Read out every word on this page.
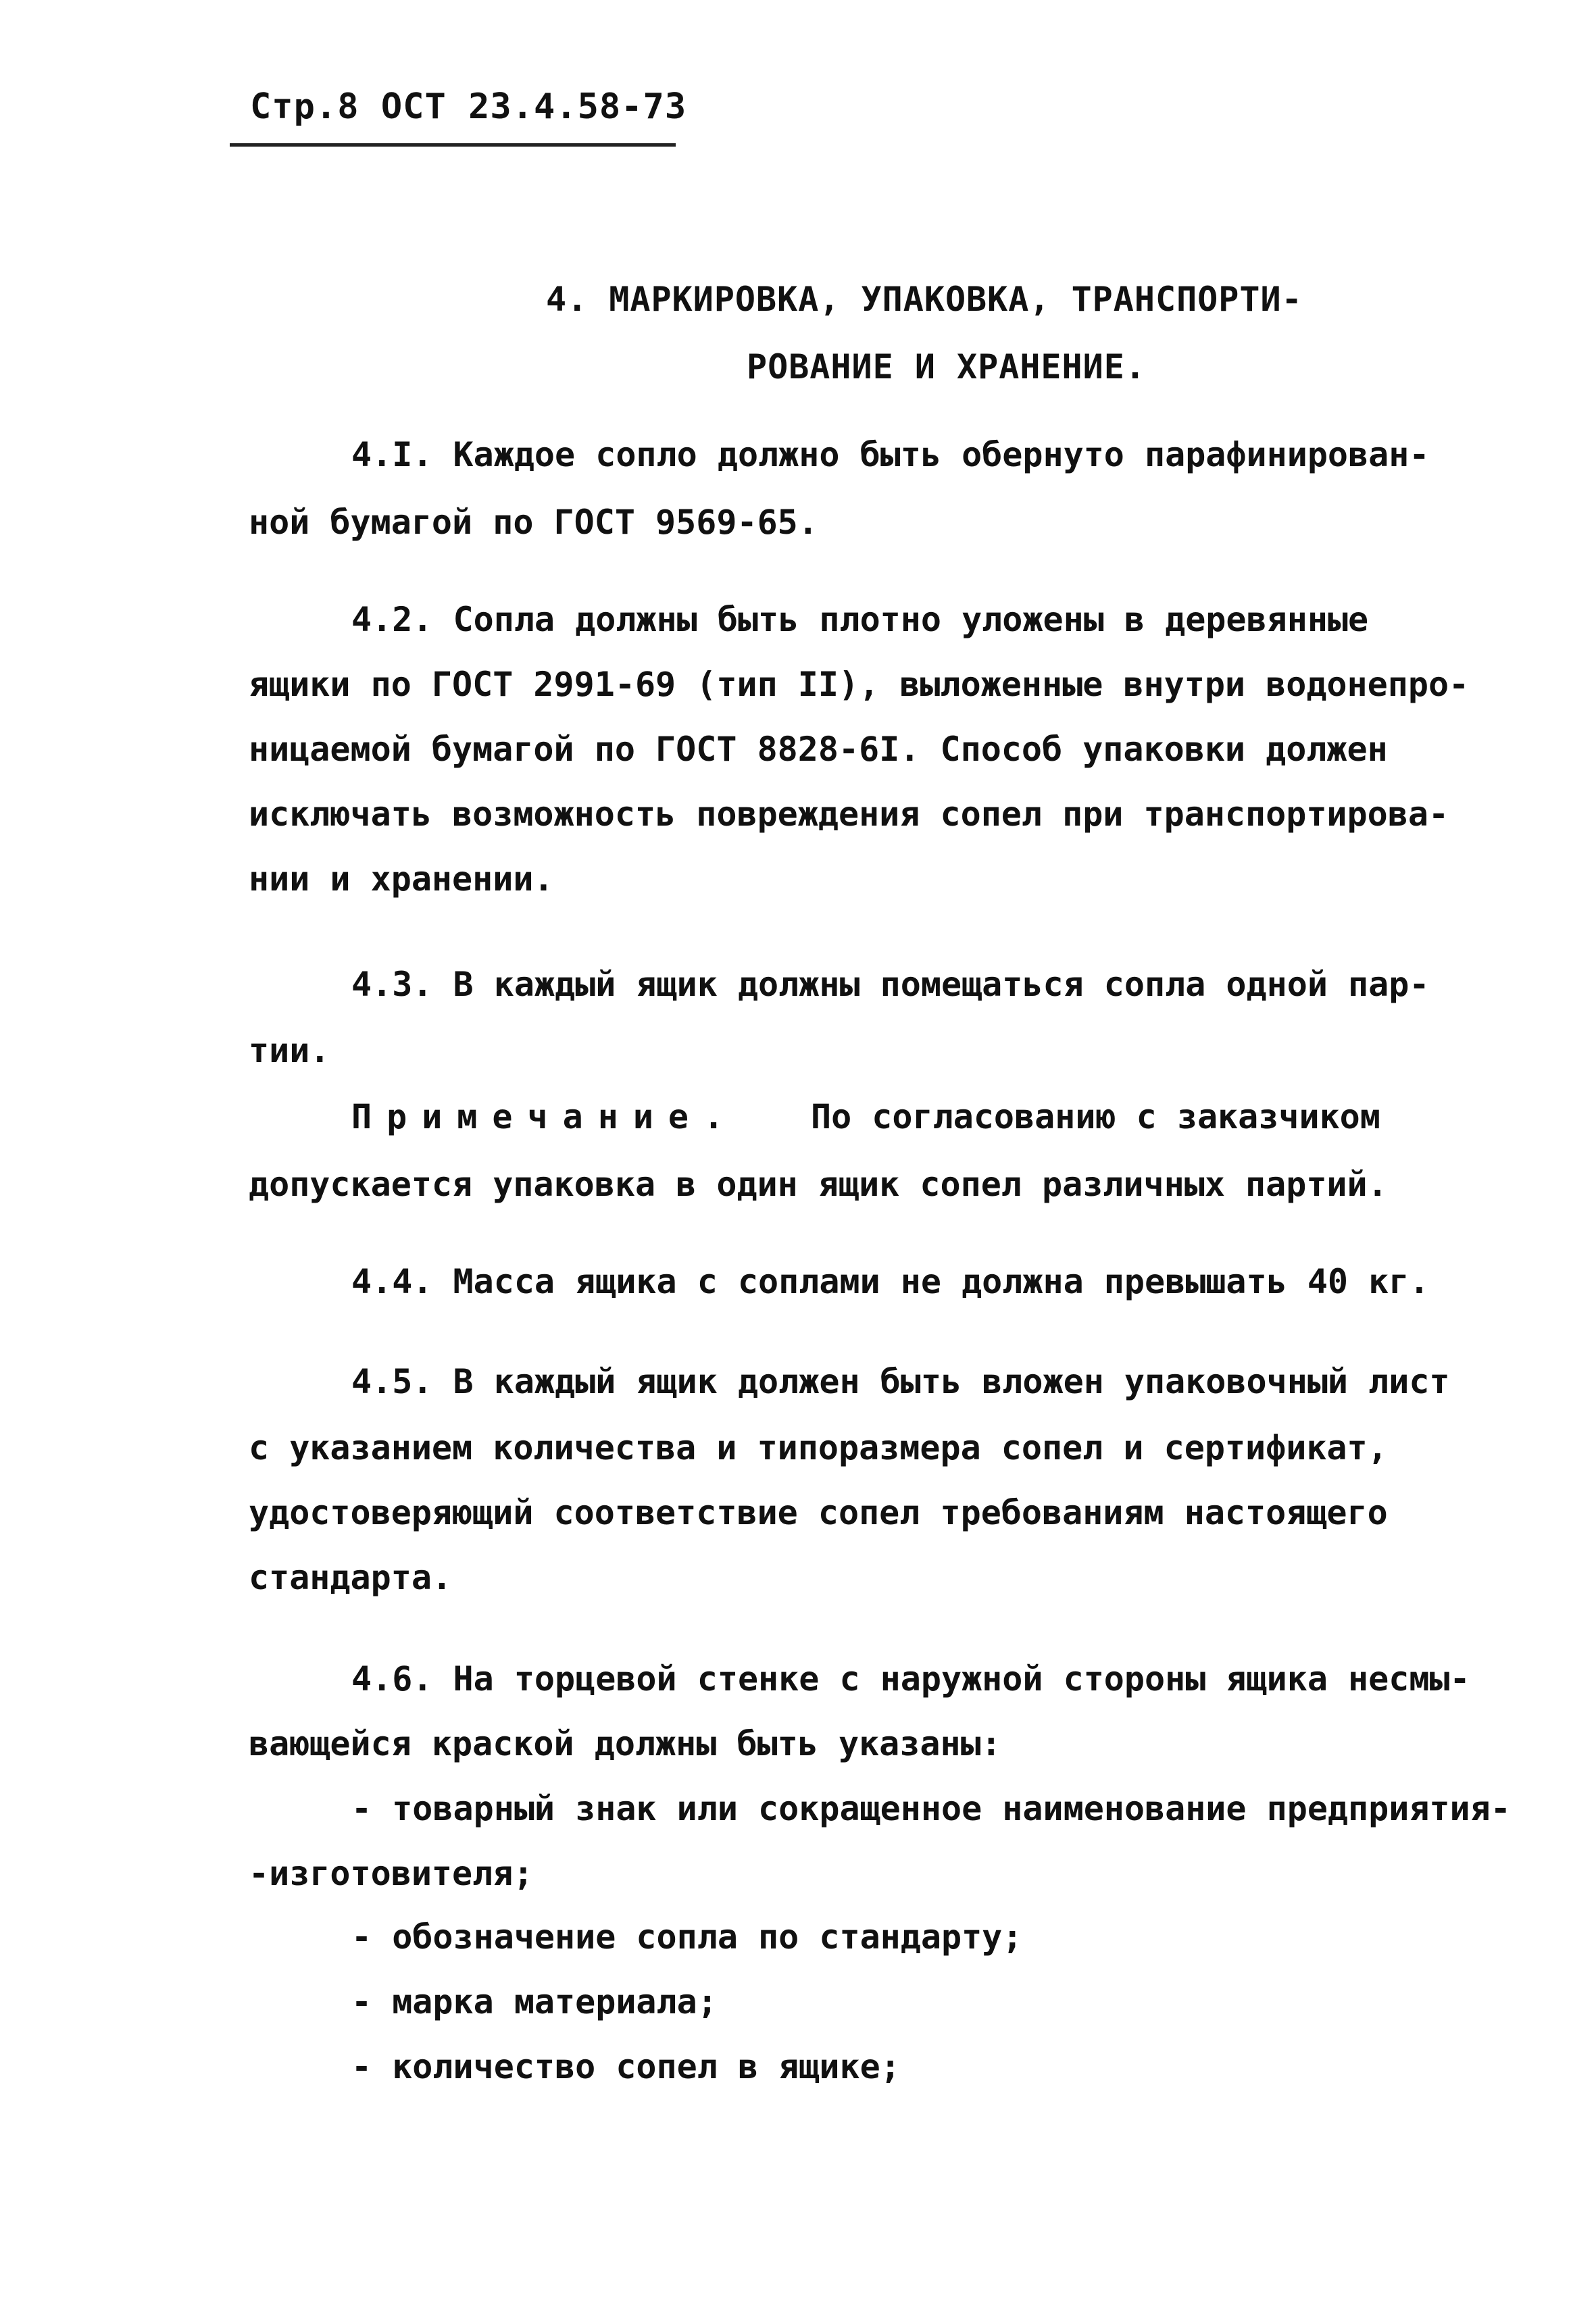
Стр.8 ОСТ 23.4.58-73
4. МАРКИРОВКА, УПАКОВКА, ТРАНСПОРТИ-
РОВАНИЕ И ХРАНЕНИЕ.
4.I. Каждое сопло должно быть обернуто парафинирован-
ной бумагой по ГОСТ 9569-65.
4.2. Сопла должны быть плотно уложены в деревянные
ящики по ГОСТ 2991-69 (тип II), выложенные внутри водонепро-
ницаемой бумагой по ГОСТ 8828-6I. Способ упаковки должен
исключать возможность повреждения сопел при транспортирова-
нии и хранении.
4.3. В каждый ящик должны помещаться сопла одной пар-
тии.
Примечание. По согласованию с заказчиком
допускается упаковка в один ящик сопел различных партий.
4.4. Масса ящика с соплами не должна превышать 40 кг.
4.5. В каждый ящик должен быть вложен упаковочный лист
с указанием количества и типоразмера сопел и сертификат,
удостоверяющий соответствие сопел требованиям настоящего
стандарта.
4.6. На торцевой стенке с наружной стороны ящика несмы-
вающейся краской должны быть указаны:
- товарный знак или сокращенное наименование предприятия-
-изготовителя;
- обозначение сопла по стандарту;
- марка материала;
- количество сопел в ящике;
